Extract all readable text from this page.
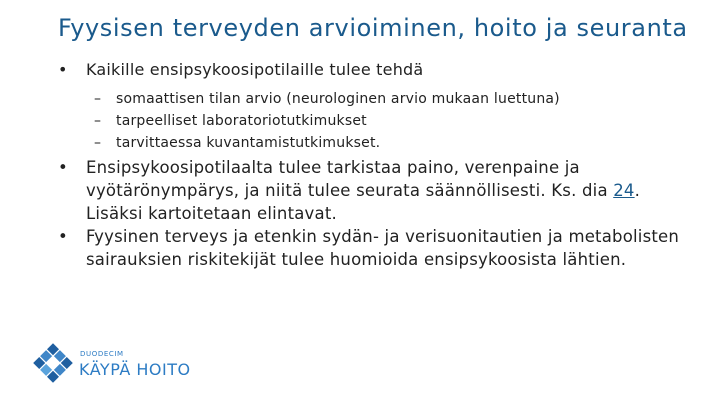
Fyysisen terveyden arvioiminen, hoito ja seuranta
•	Kaikille ensipsykoosipotilaille tulee tehdä
– somaattisen tilan arvio (neurologinen arvio mukaan luettuna)
– tarpeelliset laboratoriotutkimukset
– tarvittaessa kuvantamistutkimukset.
•	Ensipsykoosipotilaalta tulee tarkistaa paino, verenpaine ja vyötärönympärys, ja niitä tulee seurata säännöllisesti. Ks. dia 24. Lisäksi kartoitetaan elintavat.
•	Fyysinen terveys ja etenkin sydän- ja verisuonitautien ja metabolisten sairauksien riskitekijät tulee huomioida ensipsykoosista lähtien.
DUODECIM
KÄYPÄ HOITO
